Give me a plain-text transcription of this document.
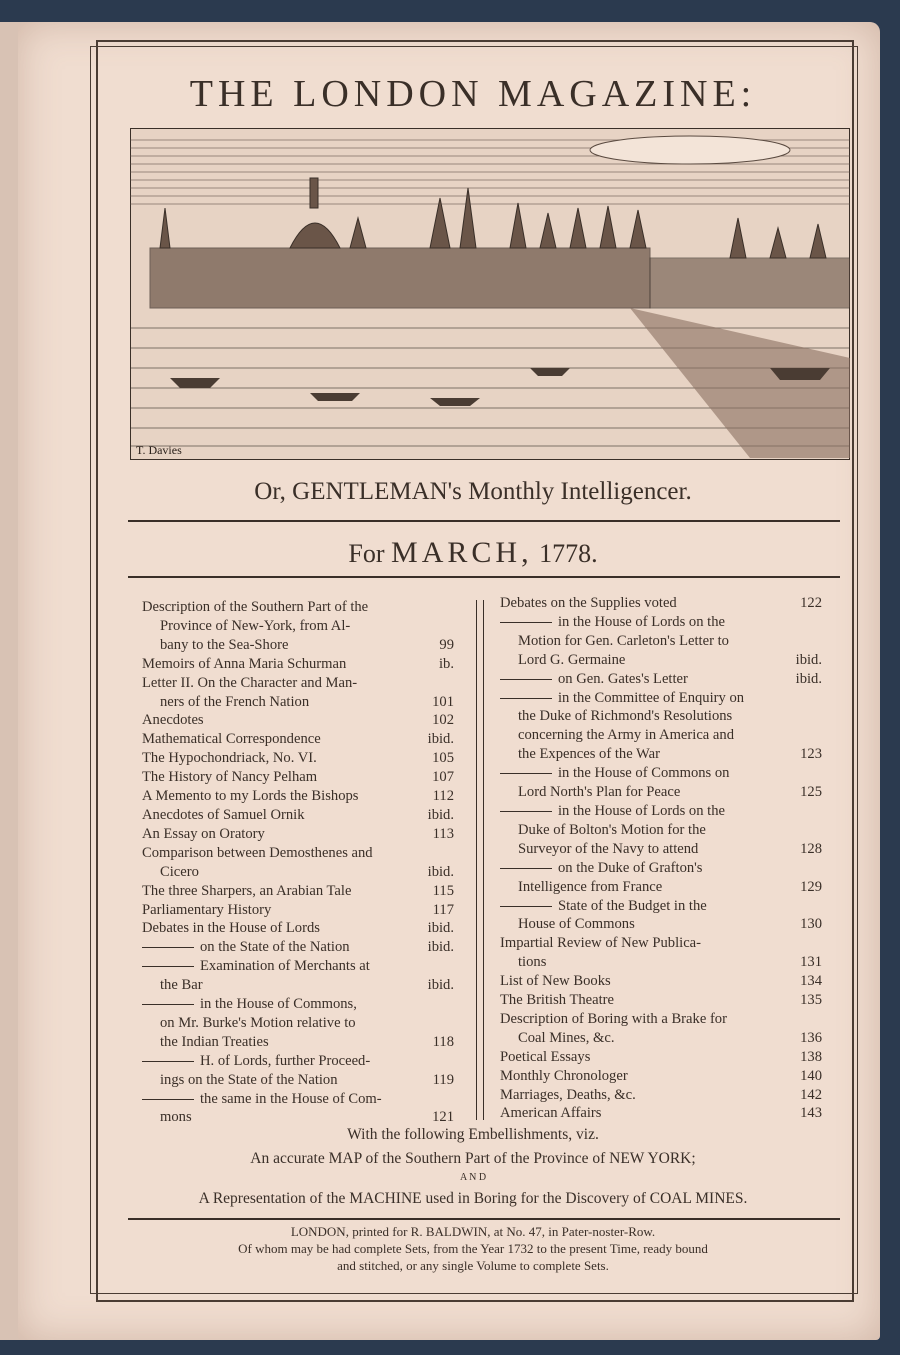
THE LONDON MAGAZINE:
T. Davies
Or, GENTLEMAN's Monthly Intelligencer.
For MARCH, 1778.
Description of the Southern Part of the
Province of New-York, from Al-
bany to the Sea-Shore	99
Memoirs of Anna Maria Schurman	ib.
Letter II. On the Character and Man-
ners of the French Nation	101
Anecdotes	102
Mathematical Correspondence	ibid.
The Hypochondriack, No. VI.	105
The History of Nancy Pelham	107
A Memento to my Lords the Bishops	112
Anecdotes of Samuel Ornik	ibid.
An Essay on Oratory	113
Comparison between Demosthenes and
Cicero	ibid.
The three Sharpers, an Arabian Tale	115
Parliamentary History	117
Debates in the House of Lords	ibid.
on the State of the Nation	ibid.
Examination of Merchants at
the Bar	ibid.
in the House of Commons,
on Mr. Burke's Motion relative to
the Indian Treaties	118
H. of Lords, further Proceed-
ings on the State of the Nation	119
the same in the House of Com-
mons	121
Debates on the Supplies voted	122
in the House of Lords on the
Motion for Gen. Carleton's Letter to
Lord G. Germaine	ibid.
on Gen. Gates's Letter	ibid.
in the Committee of Enquiry on
the Duke of Richmond's Resolutions
concerning the Army in America and
the Expences of the War	123
in the House of Commons on
Lord North's Plan for Peace	125
in the House of Lords on the
Duke of Bolton's Motion for the
Surveyor of the Navy to attend	128
on the Duke of Grafton's
Intelligence from France	129
State of the Budget in the
House of Commons	130
Impartial Review of New Publica-
tions	131
List of New Books	134
The British Theatre	135
Description of Boring with a Brake for
Coal Mines, &c.	136
Poetical Essays	138
Monthly Chronologer	140
Marriages, Deaths, &c.	142
American Affairs	143
With the following Embellishments, viz.
An accurate MAP of the Southern Part of the Province of NEW YORK;
A N D
A Representation of the MACHINE used in Boring for the Discovery of COAL MINES.
LONDON, printed for R. BALDWIN, at No. 47, in Pater-noster-Row.
Of whom may be had complete Sets, from the Year 1732 to the present Time, ready bound
and stitched, or any single Volume to complete Sets.
